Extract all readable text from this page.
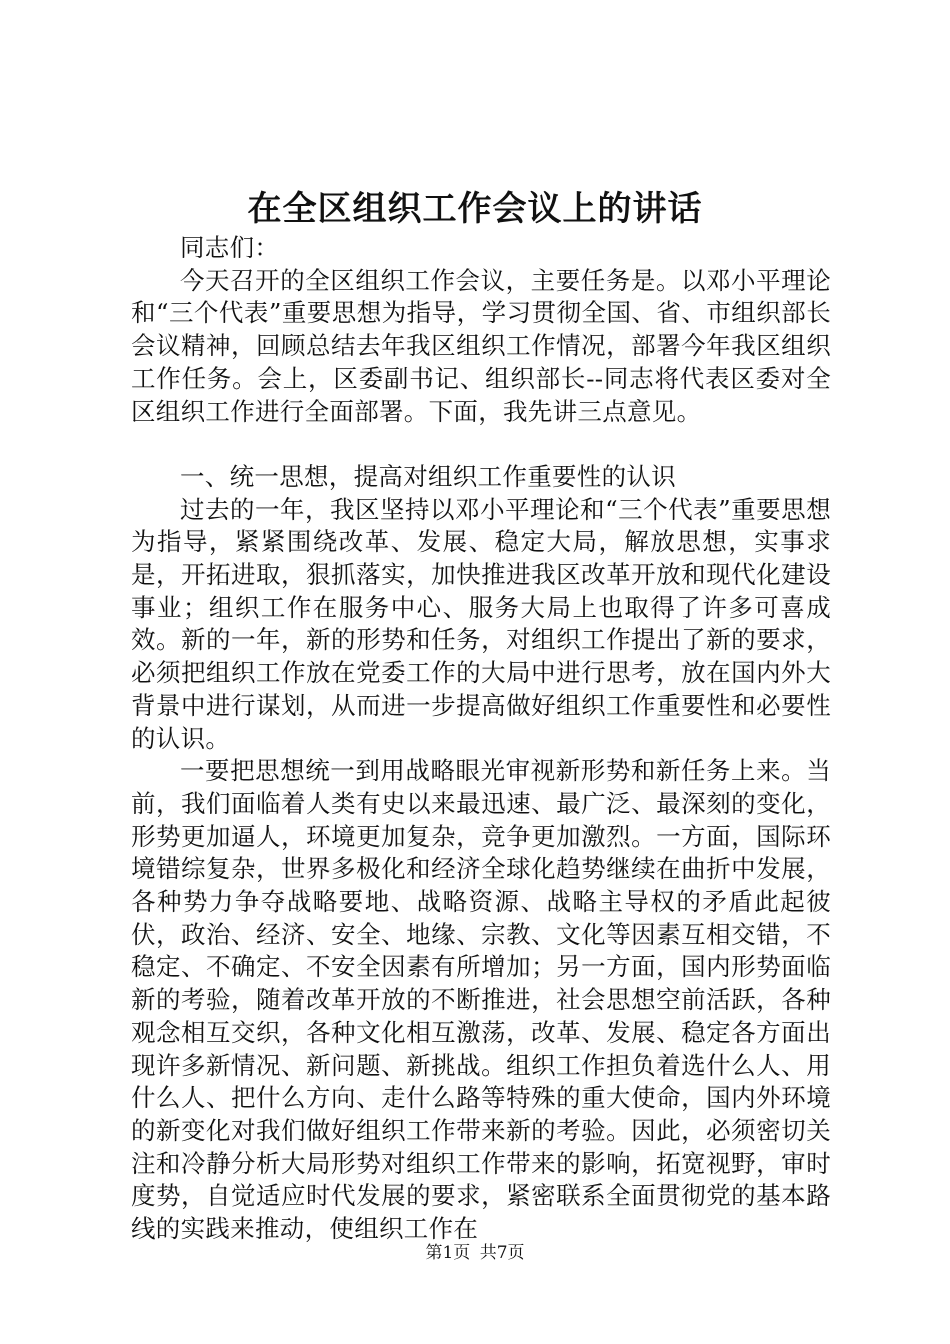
在全区组织工作会议上的讲话

同志们：

今天召开的全区组织工作会议，主要任务是。以邓小平理论和“三个代表”重要思想为指导，学习贯彻全国、省、市组织部长会议精神，回顾总结去年我区组织工作情况，部署今年我区组织工作任务。会上，区委副书记、组织部长--同志将代表区委对全区组织工作进行全面部署。下面，我先讲三点意见。

一、统一思想，提高对组织工作重要性的认识

过去的一年，我区坚持以邓小平理论和“三个代表”重要思想为指导，紧紧围绕改革、发展、稳定大局，解放思想，实事求是，开拓进取，狠抓落实，加快推进我区改革开放和现代化建设事业；组织工作在服务中心、服务大局上也取得了许多可喜成效。新的一年，新的形势和任务，对组织工作提出了新的要求，必须把组织工作放在党委工作的大局中进行思考，放在国内外大背景中进行谋划，从而进一步提高做好组织工作重要性和必要性的认识。

一要把思想统一到用战略眼光审视新形势和新任务上来。当前，我们面临着人类有史以来最迅速、最广泛、最深刻的变化，形势更加逼人，环境更加复杂，竞争更加激烈。一方面，国际环境错综复杂，世界多极化和经济全球化趋势继续在曲折中发展，各种势力争夺战略要地、战略资源、战略主导权的矛盾此起彼伏，政治、经济、安全、地缘、宗教、文化等因素互相交错，不稳定、不确定、不安全因素有所增加；另一方面，国内形势面临新的考验，随着改革开放的不断推进，社会思想空前活跃，各种观念相互交织，各种文化相互激荡，改革、发展、稳定各方面出现许多新情况、新问题、新挑战。组织工作担负着选什么人、用什么人、把什么方向、走什么路等特殊的重大使命，国内外环境的新变化对我们做好组织工作带来新的考验。因此，必须密切关注和冷静分析大局形势对组织工作带来的影响，拓宽视野，审时度势，自觉适应时代发展的要求，紧密联系全面贯彻党的基本路线的实践来推动，使组织工作在

第1页 共7页
